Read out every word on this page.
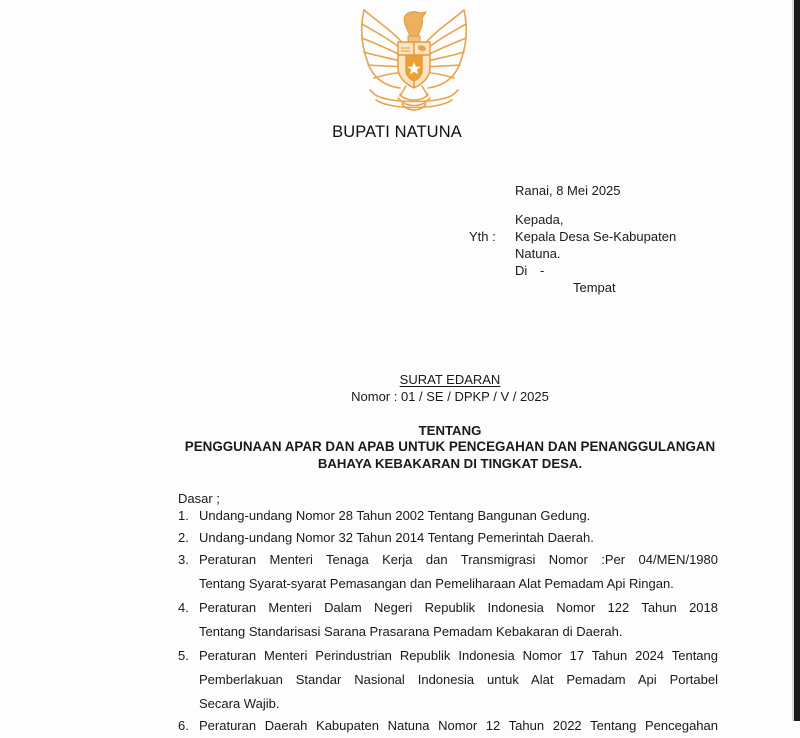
BUPATI NATUNA
Ranai, 8 Mei 2025
Kepada,
Yth : Kepala Desa Se-Kabupaten
Natuna.
Di -
Tempat
SURAT EDARAN
Nomor : 01 / SE / DPKP / V / 2025
TENTANG
PENGGUNAAN APAR DAN APAB UNTUK PENCEGAHAN DAN PENANGGULANGAN
BAHAYA KEBAKARAN DI TINGKAT DESA.
Dasar ;
1. Undang-undang Nomor 28 Tahun 2002 Tentang Bangunan Gedung.
2. Undang-undang Nomor 32 Tahun 2014 Tentang Pemerintah Daerah.
3. Peraturan Menteri Tenaga Kerja dan Transmigrasi Nomor :Per 04/MEN/1980
Tentang Syarat-syarat Pemasangan dan Pemeliharaan Alat Pemadam Api Ringan.
4. Peraturan Menteri Dalam Negeri Republik Indonesia Nomor 122 Tahun 2018
Tentang Standarisasi Sarana Prasarana Pemadam Kebakaran di Daerah.
5. Peraturan Menteri Perindustrian Republik Indonesia Nomor 17 Tahun 2024 Tentang
Pemberlakuan Standar Nasional Indonesia untuk Alat Pemadam Api Portabel
Secara Wajib.
6. Peraturan Daerah Kabupaten Natuna Nomor 12 Tahun 2022 Tentang Pencegahan
